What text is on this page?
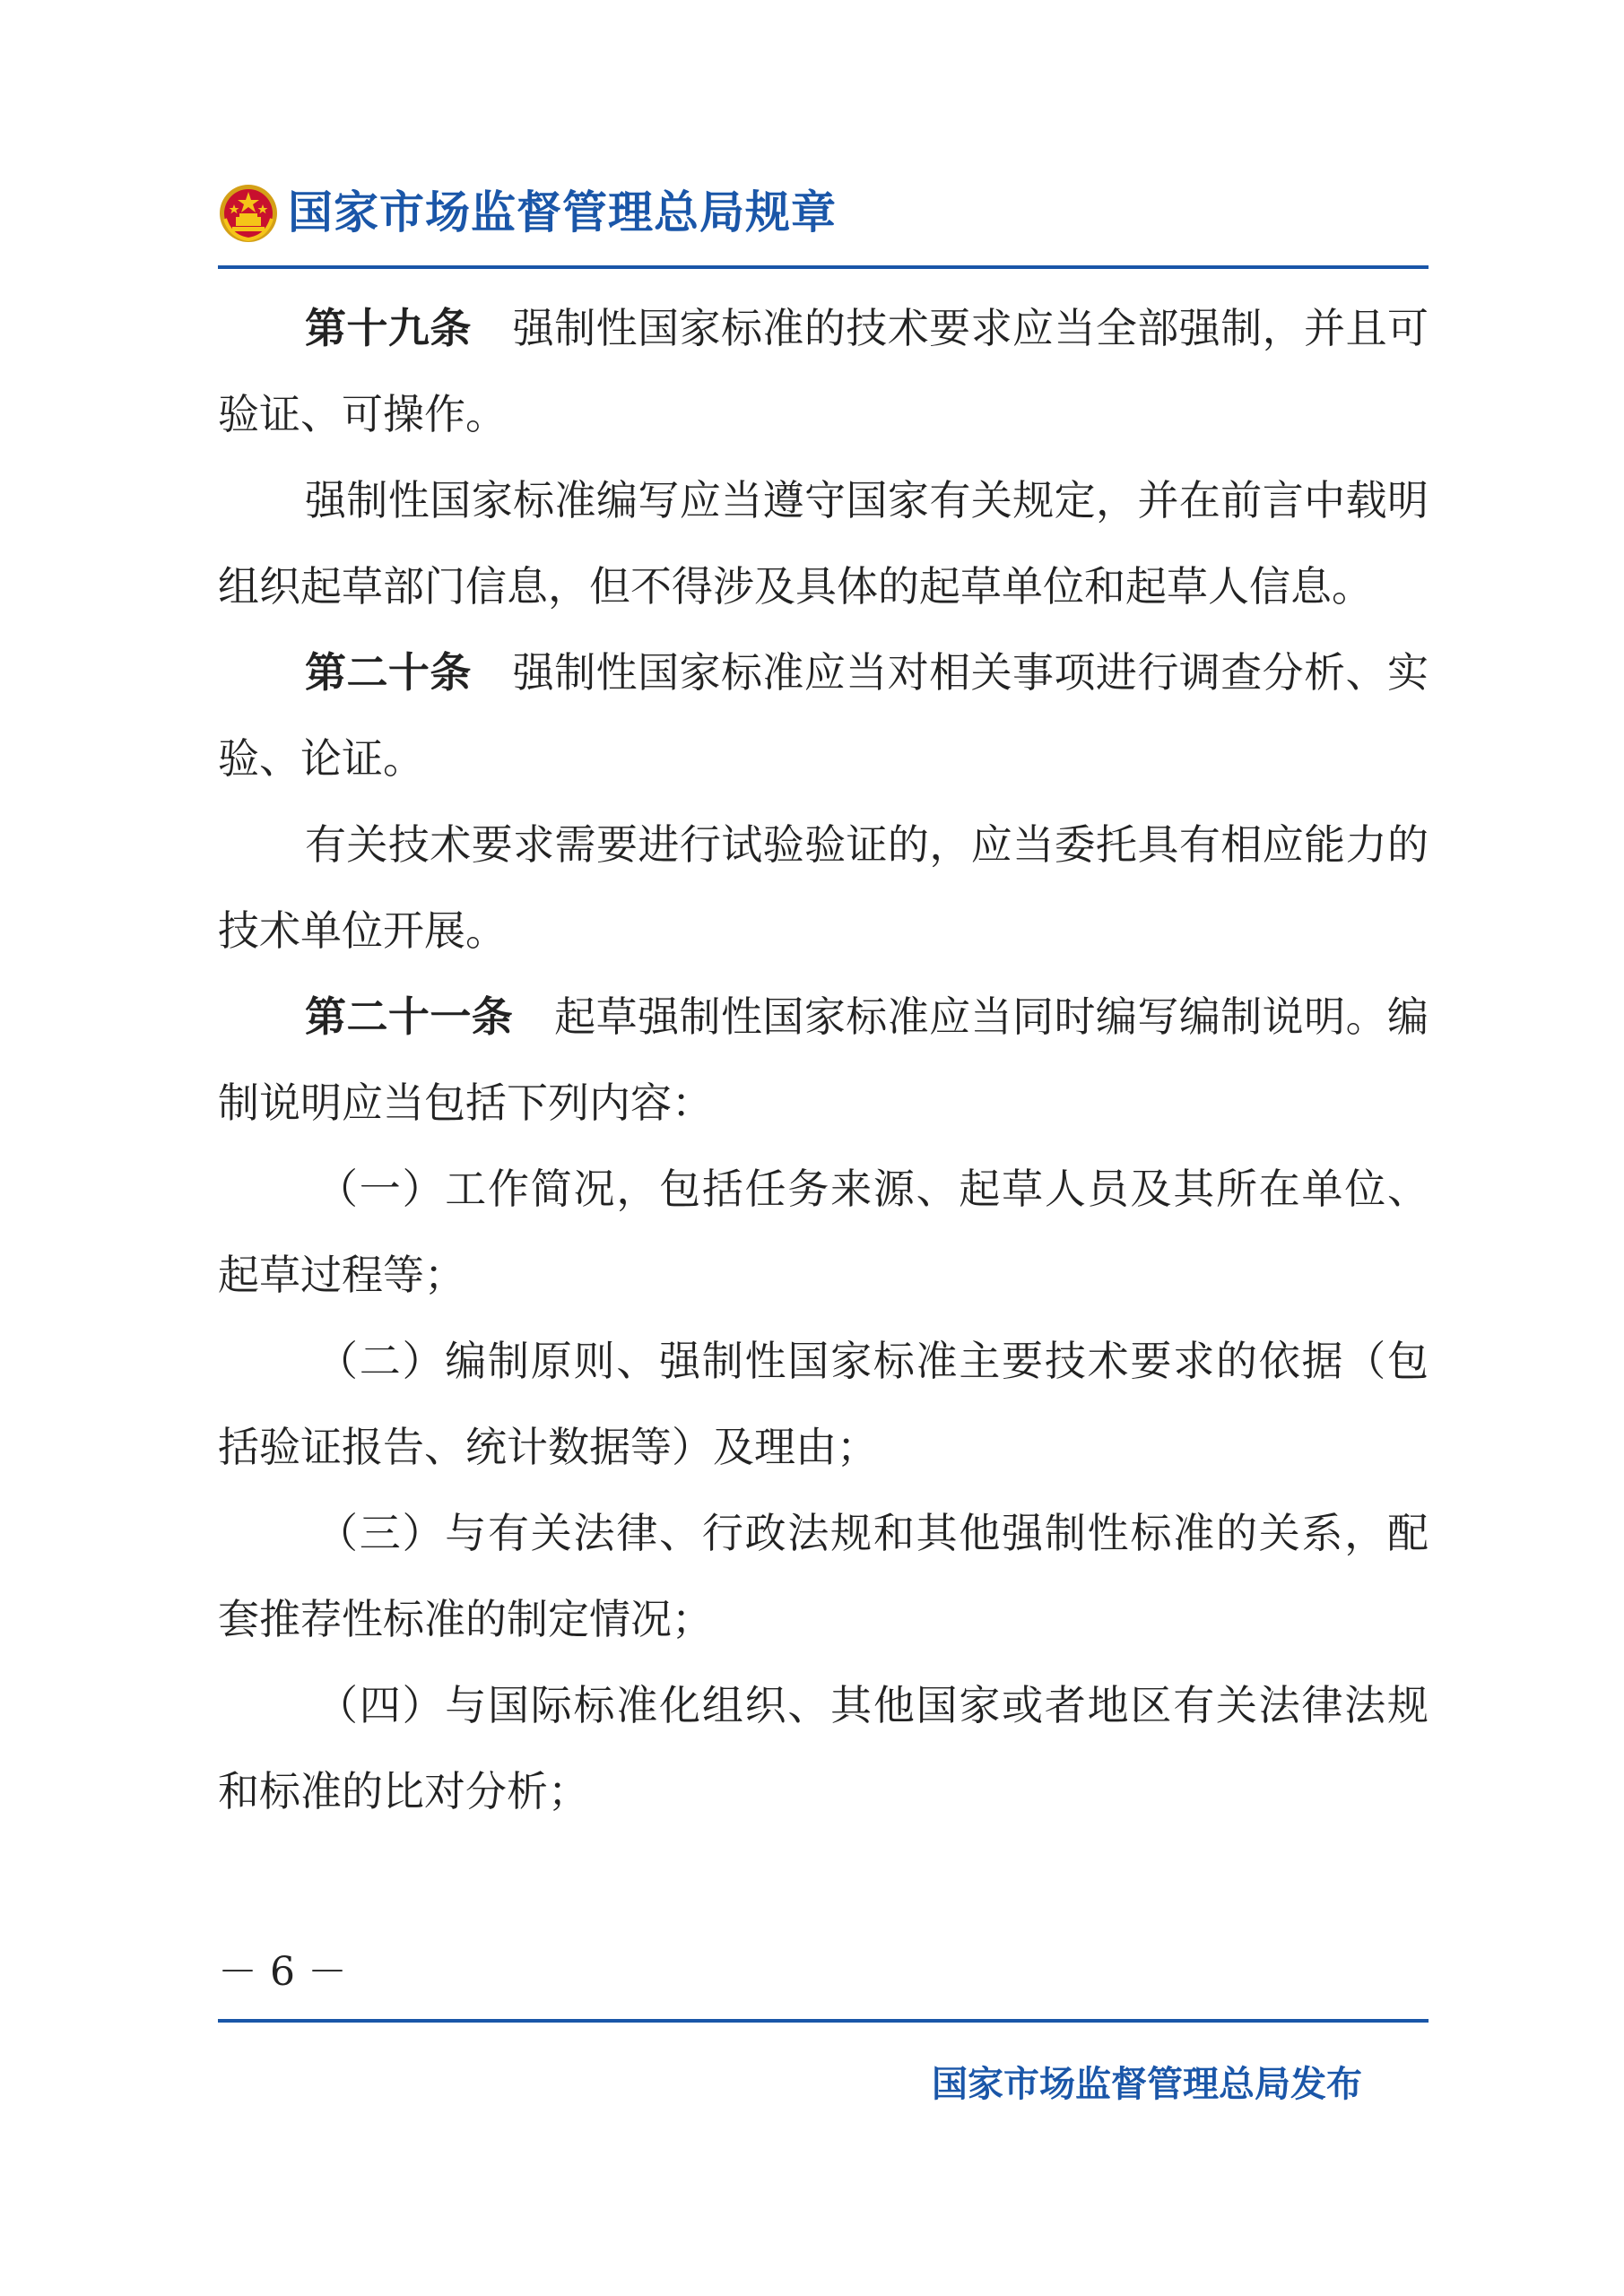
国家市场监督管理总局规章

第十九条 强制性国家标准的技术要求应当全部强制，并且可验证、可操作。

强制性国家标准编写应当遵守国家有关规定，并在前言中载明组织起草部门信息，但不得涉及具体的起草单位和起草人信息。

第二十条 强制性国家标准应当对相关事项进行调查分析、实验、论证。

有关技术要求需要进行试验验证的，应当委托具有相应能力的技术单位开展。

第二十一条 起草强制性国家标准应当同时编写编制说明。编制说明应当包括下列内容：

（一）工作简况，包括任务来源、起草人员及其所在单位、起草过程等；

（二）编制原则、强制性国家标准主要技术要求的依据（包括验证报告、统计数据等）及理由；

（三）与有关法律、行政法规和其他强制性标准的关系，配套推荐性标准的制定情况；

（四）与国际标准化组织、其他国家或者地区有关法律法规和标准的比对分析；

－ 6 －
国家市场监督管理总局发布
